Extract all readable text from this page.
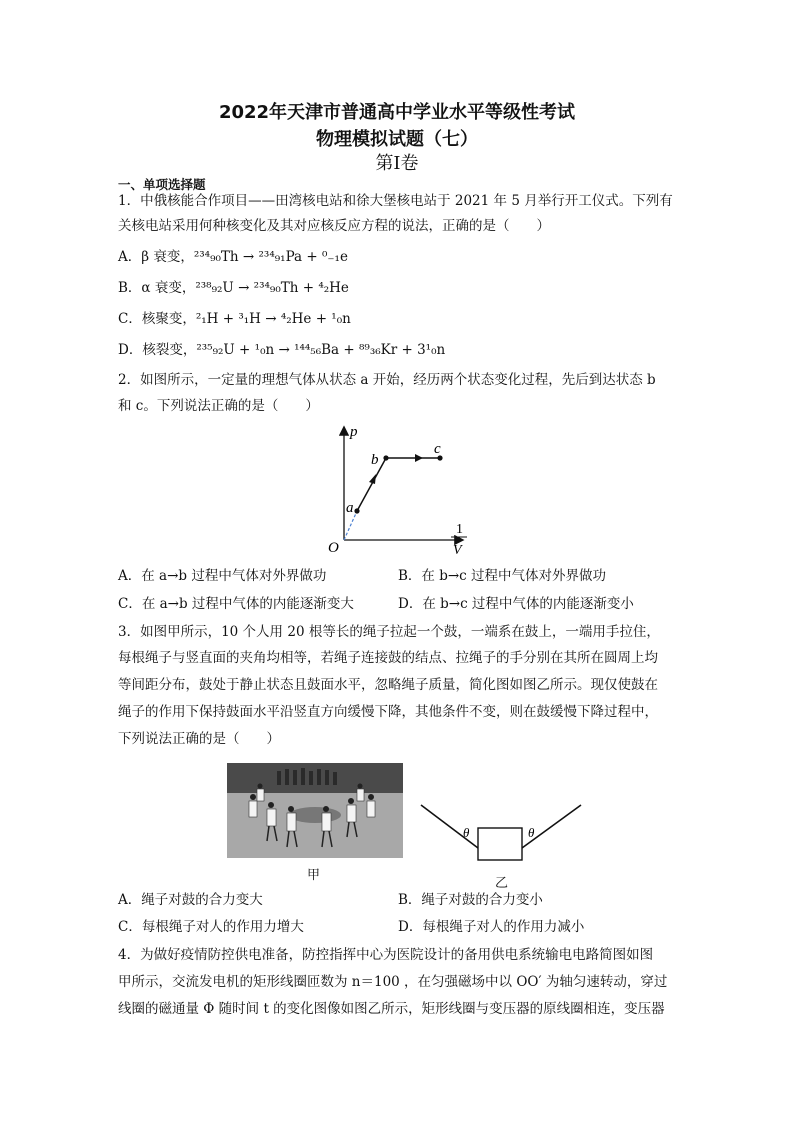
2022年天津市普通高中学业水平等级性考试
物理模拟试题（七）
第Ⅰ卷
一、单项选择题
1．中俄核能合作项目——田湾核电站和徐大堡核电站于 2021 年 5 月举行开工仪式。下列有
关核电站采用何种核变化及其对应核反应方程的说法，正确的是（　　）
A．β 衰变，²³⁴₉₀Th → ²³⁴₉₁Pa + ⁰₋₁e
B．α 衰变，²³⁸₉₂U → ²³⁴₉₀Th + ⁴₂He
C．核聚变，²₁H + ³₁H → ⁴₂He + ¹₀n
D．核裂变，²³⁵₉₂U + ¹₀n → ¹⁴⁴₅₆Ba + ⁸⁹₃₆Kr + 3¹₀n
2．如图所示，一定量的理想气体从状态 a 开始，经历两个状态变化过程，先后到达状态 b
和 c。下列说法正确的是（　　）
p
a
b
c
O
1
V
A．在 a→b 过程中气体对外界做功	B．在 b→c 过程中气体对外界做功
C．在 a→b 过程中气体的内能逐渐变大	D．在 b→c 过程中气体的内能逐渐变小
3．如图甲所示，10 个人用 20 根等长的绳子拉起一个鼓，一端系在鼓上，一端用手拉住，
每根绳子与竖直面的夹角均相等，若绳子连接鼓的结点、拉绳子的手分别在其所在圆周上均
等间距分布，鼓处于静止状态且鼓面水平，忽略绳子质量，简化图如图乙所示。现仅使鼓在
绳子的作用下保持鼓面水平沿竖直方向缓慢下降，其他条件不变，则在鼓缓慢下降过程中，
下列说法正确的是（　　）
甲
θ	θ
乙
A．绳子对鼓的合力变大	B．绳子对鼓的合力变小
C．每根绳子对人的作用力增大	D．每根绳子对人的作用力减小
4．为做好疫情防控供电准备，防控指挥中心为医院设计的备用供电系统输电电路简图如图
甲所示，交流发电机的矩形线圈匝数为 n＝100 ，在匀强磁场中以 OO′ 为轴匀速转动，穿过
线圈的磁通量 Φ 随时间 t 的变化图像如图乙所示，矩形线圈与变压器的原线圈相连，变压器
